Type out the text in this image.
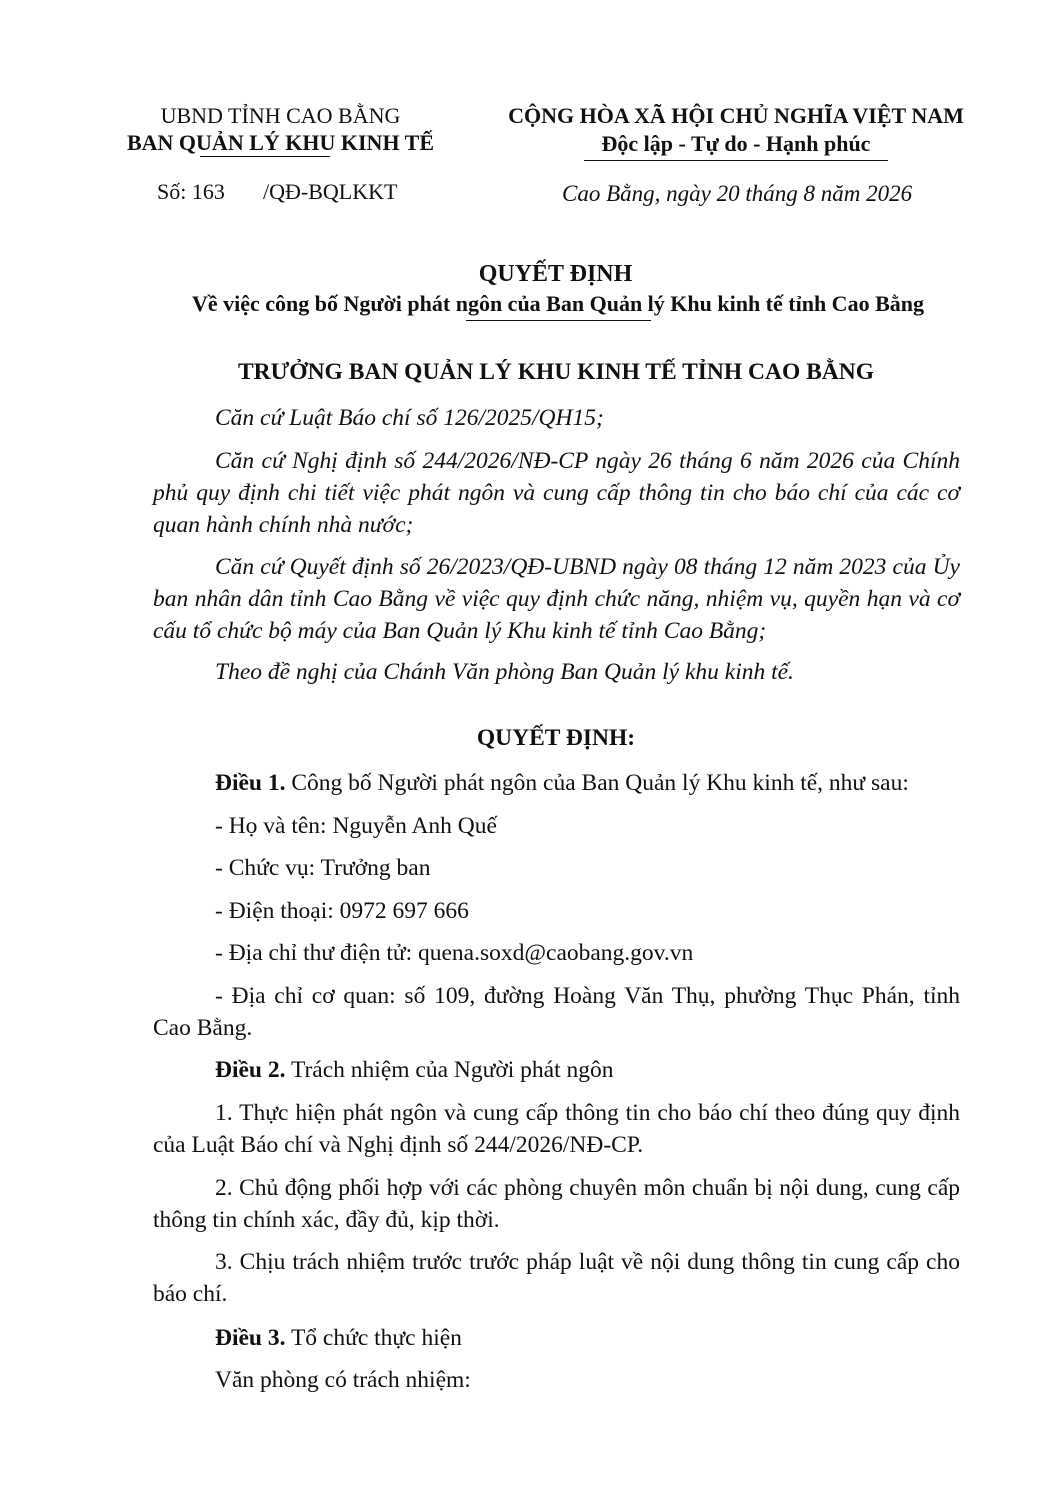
UBND TỈNH CAO BẰNG
BAN QUẢN LÝ KHU KINH TẾ
CỘNG HÒA XÃ HỘI CHỦ NGHĨA VIỆT NAM
Độc lập - Tự do - Hạnh phúc
Số: 163 /QĐ-BQLKKT	Cao Bằng, ngày 20 tháng 8 năm 2026
QUYẾT ĐỊNH
Về việc công bố Người phát ngôn của Ban Quản lý Khu kinh tế tỉnh Cao Bằng
TRƯỞNG BAN QUẢN LÝ KHU KINH TẾ TỈNH CAO BẰNG
Căn cứ Luật Báo chí số 126/2025/QH15;
Căn cứ Nghị định số 244/2026/NĐ-CP ngày 26 tháng 6 năm 2026 của Chính phủ quy định chi tiết việc phát ngôn và cung cấp thông tin cho báo chí của các cơ quan hành chính nhà nước;
Căn cứ Quyết định số 26/2023/QĐ-UBND ngày 08 tháng 12 năm 2023 của Ủy ban nhân dân tỉnh Cao Bằng về việc quy định chức năng, nhiệm vụ, quyền hạn và cơ cấu tổ chức bộ máy của Ban Quản lý Khu kinh tế tỉnh Cao Bằng;
Theo đề nghị của Chánh Văn phòng Ban Quản lý khu kinh tế.
QUYẾT ĐỊNH:
Điều 1. Công bố Người phát ngôn của Ban Quản lý Khu kinh tế, như sau:
- Họ và tên: Nguyễn Anh Quế
- Chức vụ: Trưởng ban
- Điện thoại: 0972 697 666
- Địa chỉ thư điện tử: quena.soxd@caobang.gov.vn
- Địa chỉ cơ quan: số 109, đường Hoàng Văn Thụ, phường Thục Phán, tỉnh Cao Bằng.
Điều 2. Trách nhiệm của Người phát ngôn
1. Thực hiện phát ngôn và cung cấp thông tin cho báo chí theo đúng quy định của Luật Báo chí và Nghị định số 244/2026/NĐ-CP.
2. Chủ động phối hợp với các phòng chuyên môn chuẩn bị nội dung, cung cấp thông tin chính xác, đầy đủ, kịp thời.
3. Chịu trách nhiệm trước trước pháp luật về nội dung thông tin cung cấp cho báo chí.
Điều 3. Tổ chức thực hiện
Văn phòng có trách nhiệm:
